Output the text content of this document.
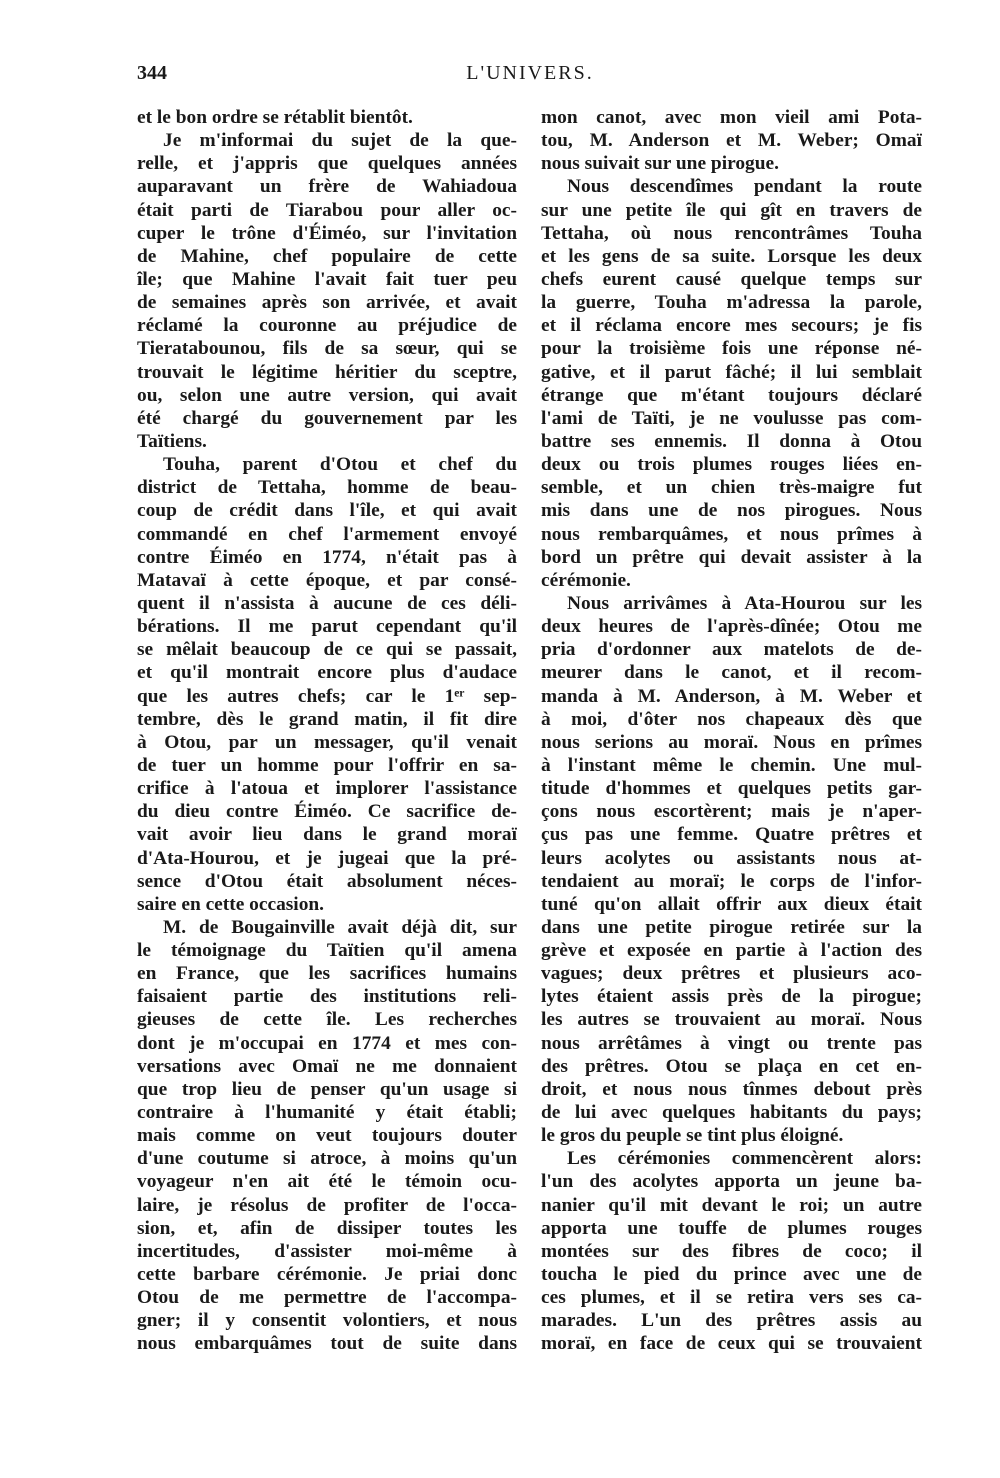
344	L'UNIVERS.
et le bon ordre se rétablit bientôt.
Je m'informai du sujet de la que-
relle, et j'appris que quelques années
auparavant un frère de Wahiadoua
était parti de Tiarabou pour aller oc-
cuper le trône d'Éiméo, sur l'invitation
de Mahine, chef populaire de cette
île; que Mahine l'avait fait tuer peu
de semaines après son arrivée, et avait
réclamé la couronne au préjudice de
Tieratabounou, fils de sa sœur, qui se
trouvait le légitime héritier du sceptre,
ou, selon une autre version, qui avait
été chargé du gouvernement par les
Taïtiens.
Touha, parent d'Otou et chef du
district de Tettaha, homme de beau-
coup de crédit dans l'île, et qui avait
commandé en chef l'armement envoyé
contre Éiméo en 1774, n'était pas à
Matavaï à cette époque, et par consé-
quent il n'assista à aucune de ces déli-
bérations. Il me parut cependant qu'il
se mêlait beaucoup de ce qui se passait,
et qu'il montrait encore plus d'audace
que les autres chefs; car le 1ᵉʳ sep-
tembre, dès le grand matin, il fit dire
à Otou, par un messager, qu'il venait
de tuer un homme pour l'offrir en sa-
crifice à l'atoua et implorer l'assistance
du dieu contre Éiméo. Ce sacrifice de-
vait avoir lieu dans le grand moraï
d'Ata-Hourou, et je jugeai que la pré-
sence d'Otou était absolument néces-
saire en cette occasion.
M. de Bougainville avait déjà dit, sur
le témoignage du Taïtien qu'il amena
en France, que les sacrifices humains
faisaient partie des institutions reli-
gieuses de cette île. Les recherches
dont je m'occupai en 1774 et mes con-
versations avec Omaï ne me donnaient
que trop lieu de penser qu'un usage si
contraire à l'humanité y était établi;
mais comme on veut toujours douter
d'une coutume si atroce, à moins qu'un
voyageur n'en ait été le témoin ocu-
laire, je résolus de profiter de l'occa-
sion, et, afin de dissiper toutes les
incertitudes, d'assister moi-même à
cette barbare cérémonie. Je priai donc
Otou de me permettre de l'accompa-
gner; il y consentit volontiers, et nous
nous embarquâmes tout de suite dans
mon canot, avec mon vieil ami Pota-
tou, M. Anderson et M. Weber; Omaï
nous suivait sur une pirogue.
Nous descendîmes pendant la route
sur une petite île qui gît en travers de
Tettaha, où nous rencontrâmes Touha
et les gens de sa suite. Lorsque les deux
chefs eurent causé quelque temps sur
la guerre, Touha m'adressa la parole,
et il réclama encore mes secours; je fis
pour la troisième fois une réponse né-
gative, et il parut fâché; il lui semblait
étrange que m'étant toujours déclaré
l'ami de Taïti, je ne voulusse pas com-
battre ses ennemis. Il donna à Otou
deux ou trois plumes rouges liées en-
semble, et un chien très-maigre fut
mis dans une de nos pirogues. Nous
nous rembarquâmes, et nous prîmes à
bord un prêtre qui devait assister à la
cérémonie.
Nous arrivâmes à Ata-Hourou sur les
deux heures de l'après-dînée; Otou me
pria d'ordonner aux matelots de de-
meurer dans le canot, et il recom-
manda à M. Anderson, à M. Weber et
à moi, d'ôter nos chapeaux dès que
nous serions au moraï. Nous en prîmes
à l'instant même le chemin. Une mul-
titude d'hommes et quelques petits gar-
çons nous escortèrent; mais je n'aper-
çus pas une femme. Quatre prêtres et
leurs acolytes ou assistants nous at-
tendaient au moraï; le corps de l'infor-
tuné qu'on allait offrir aux dieux était
dans une petite pirogue retirée sur la
grève et exposée en partie à l'action des
vagues; deux prêtres et plusieurs aco-
lytes étaient assis près de la pirogue;
les autres se trouvaient au moraï. Nous
nous arrêtâmes à vingt ou trente pas
des prêtres. Otou se plaça en cet en-
droit, et nous nous tînmes debout près
de lui avec quelques habitants du pays;
le gros du peuple se tint plus éloigné.
Les cérémonies commencèrent alors:
l'un des acolytes apporta un jeune ba-
nanier qu'il mit devant le roi; un autre
apporta une touffe de plumes rouges
montées sur des fibres de coco; il
toucha le pied du prince avec une de
ces plumes, et il se retira vers ses ca-
marades. L'un des prêtres assis au
moraï, en face de ceux qui se trouvaient
